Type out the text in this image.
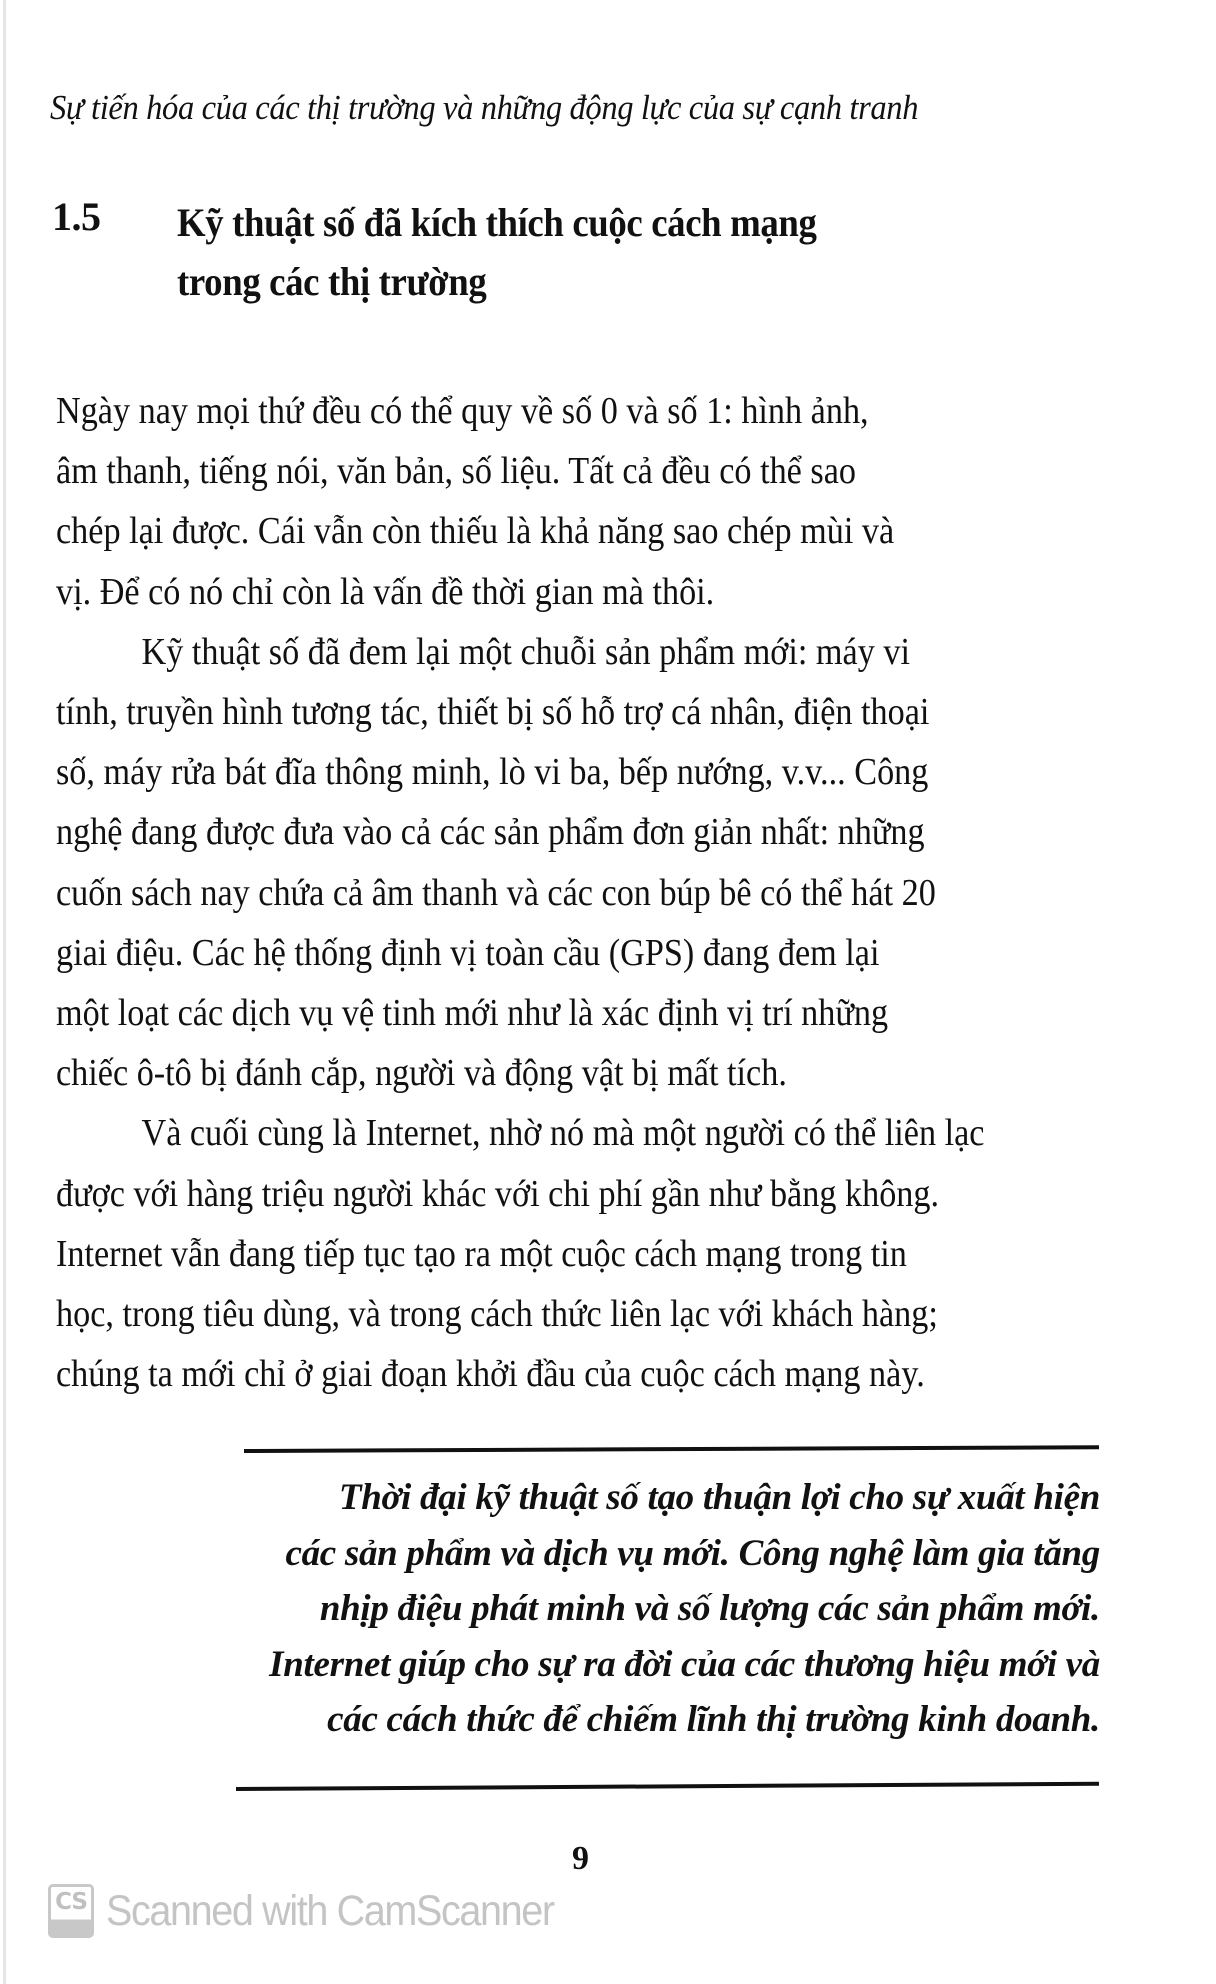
Sự tiến hóa của các thị trường và những động lực của sự cạnh tranh
1.5 Kỹ thuật số đã kích thích cuộc cách mạng
trong các thị trường

Ngày nay mọi thứ đều có thể quy về số 0 và số 1: hình ảnh,
âm thanh, tiếng nói, văn bản, số liệu. Tất cả đều có thể sao
chép lại được. Cái vẫn còn thiếu là khả năng sao chép mùi và
vị. Để có nó chỉ còn là vấn đề thời gian mà thôi.

Kỹ thuật số đã đem lại một chuỗi sản phẩm mới: máy vi
tính, truyền hình tương tác, thiết bị số hỗ trợ cá nhân, điện thoại
số, máy rửa bát đĩa thông minh, lò vi ba, bếp nướng, v.v... Công
nghệ đang được đưa vào cả các sản phẩm đơn giản nhất: những
cuốn sách nay chứa cả âm thanh và các con búp bê có thể hát 20
giai điệu. Các hệ thống định vị toàn cầu (GPS) đang đem lại
một loạt các dịch vụ vệ tinh mới như là xác định vị trí những
chiếc ô-tô bị đánh cắp, người và động vật bị mất tích.

Và cuối cùng là Internet, nhờ nó mà một người có thể liên lạc
được với hàng triệu người khác với chi phí gần như bằng không.
Internet vẫn đang tiếp tục tạo ra một cuộc cách mạng trong tin
học, trong tiêu dùng, và trong cách thức liên lạc với khách hàng;
chúng ta mới chỉ ở giai đoạn khởi đầu của cuộc cách mạng này.

Thời đại kỹ thuật số tạo thuận lợi cho sự xuất hiện
các sản phẩm và dịch vụ mới. Công nghệ làm gia tăng
nhịp điệu phát minh và số lượng các sản phẩm mới.
Internet giúp cho sự ra đời của các thương hiệu mới và
các cách thức để chiếm lĩnh thị trường kinh doanh.
9
CS Scanned with CamScanner
